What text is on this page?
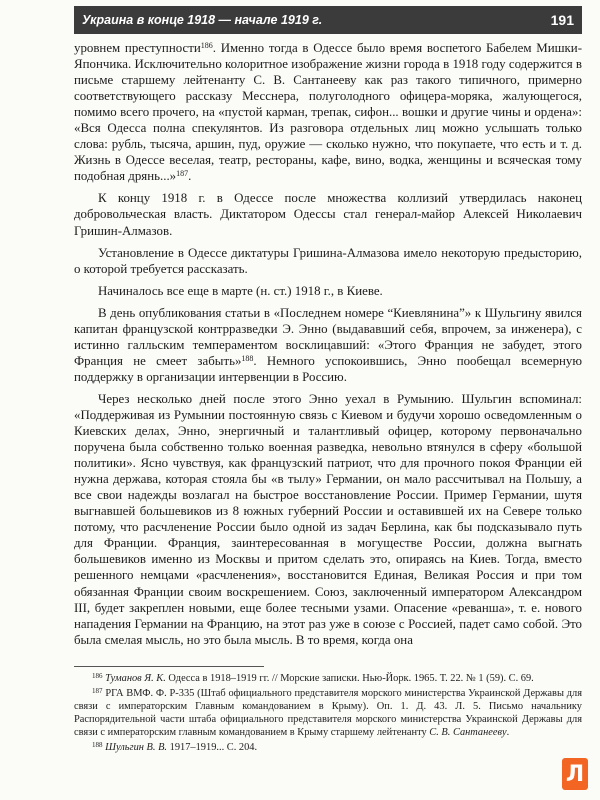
Украина в конце 1918 — начале 1919 г.	191

уровнем преступности$^{186}$. Именно тогда в Одессе было время воспетого Бабелем Мишки-Япончика. Исключительно колоритное изображение жизни города в 1918 году содержится в письме старшему лейтенанту С. В. Сантанееву как раз такого типичного, примерно соответствующего рассказу Месснера, полуголодного офицера-моряка, жалующегося, помимо всего прочего, на «пустой карман, трепак, сифон... вошки и другие чины и ордена»: «Вся Одесса полна спекулянтов. Из разговора отдельных лиц можно услышать только слова: рубль, тысяча, аршин, пуд, оружие — сколько нужно, что покупаете, что есть и т. д. Жизнь в Одессе веселая, театр, рестораны, кафе, вино, водка, женщины и всяческая тому подобная дрянь...»$^{187}$.

К концу 1918 г. в Одессе после множества коллизий утвердилась наконец добровольческая власть. Диктатором Одессы стал генерал-майор Алексей Николаевич Гришин-Алмазов.

Установление в Одессе диктатуры Гришина-Алмазова имело некоторую предысторию, о которой требуется рассказать.

Начиналось все еще в марте (н. ст.) 1918 г., в Киеве.

В день опубликования статьи в «Последнем номере “Киевлянина”» к Шульгину явился капитан французской контрразведки Э. Энно (выдававший себя, впрочем, за инженера), с истинно галльским темпераментом восклицавший: «Этого Франция не забудет, этого Франция не смеет забыть»$^{188}$. Немного успокоившись, Энно пообещал всемерную поддержку в организации интервенции в Россию.

Через несколько дней после этого Энно уехал в Румынию. Шульгин вспоминал: «Поддерживая из Румынии постоянную связь с Киевом и будучи хорошо осведомленным о Киевских делах, Энно, энергичный и талантливый офицер, которому первоначально поручена была собственно только военная разведка, невольно втянулся в сферу «большой политики». Ясно чувствуя, как французский патриот, что для прочного покоя Франции ей нужна держава, которая стояла бы «в тылу» Германии, он мало рассчитывал на Польшу, а все свои надежды возлагал на быстрое восстановление России. Пример Германии, шутя выгнавшей большевиков из 8 южных губерний России и оставившей их на Севере только потому, что расчленение России было одной из задач Берлина, как бы подсказывало путь для Франции. Франция, заинтересованная в могуществе России, должна выгнать большевиков именно из Москвы и притом сделать это, опираясь на Киев. Тогда, вместо решенного немцами «расчленения», восстановится Единая, Великая Россия и при том обязанная Франции своим воскрешением. Союз, заключенный императором Александром III, будет закреплен новыми, еще более тесными узами. Опасение «реванша», т. е. нового нападения Германии на Францию, на этот раз уже в союзе с Россией, падет само собой. Это была смелая мысль, но это была мысль. В то время, когда она

$^{186}$ Туманов Я. К. Одесса в 1918–1919 гг. // Морские записки. Нью-Йорк. 1965. Т. 22. № 1 (59). С. 69.

$^{187}$ РГА ВМФ. Ф. Р-335 (Штаб официального представителя морского министерства Украинской Державы для связи с императорским Главным командованием в Крыму). Оп. 1. Д. 43. Л. 5. Письмо начальнику Распорядительной части штаба официального представителя морского министерства Украинской Державы для связи с императорским главным командованием в Крыму старшему лейтенанту С. В. Сантанееву.

$^{188}$ Шульгин В. В. 1917–1919... С. 204.

Л
